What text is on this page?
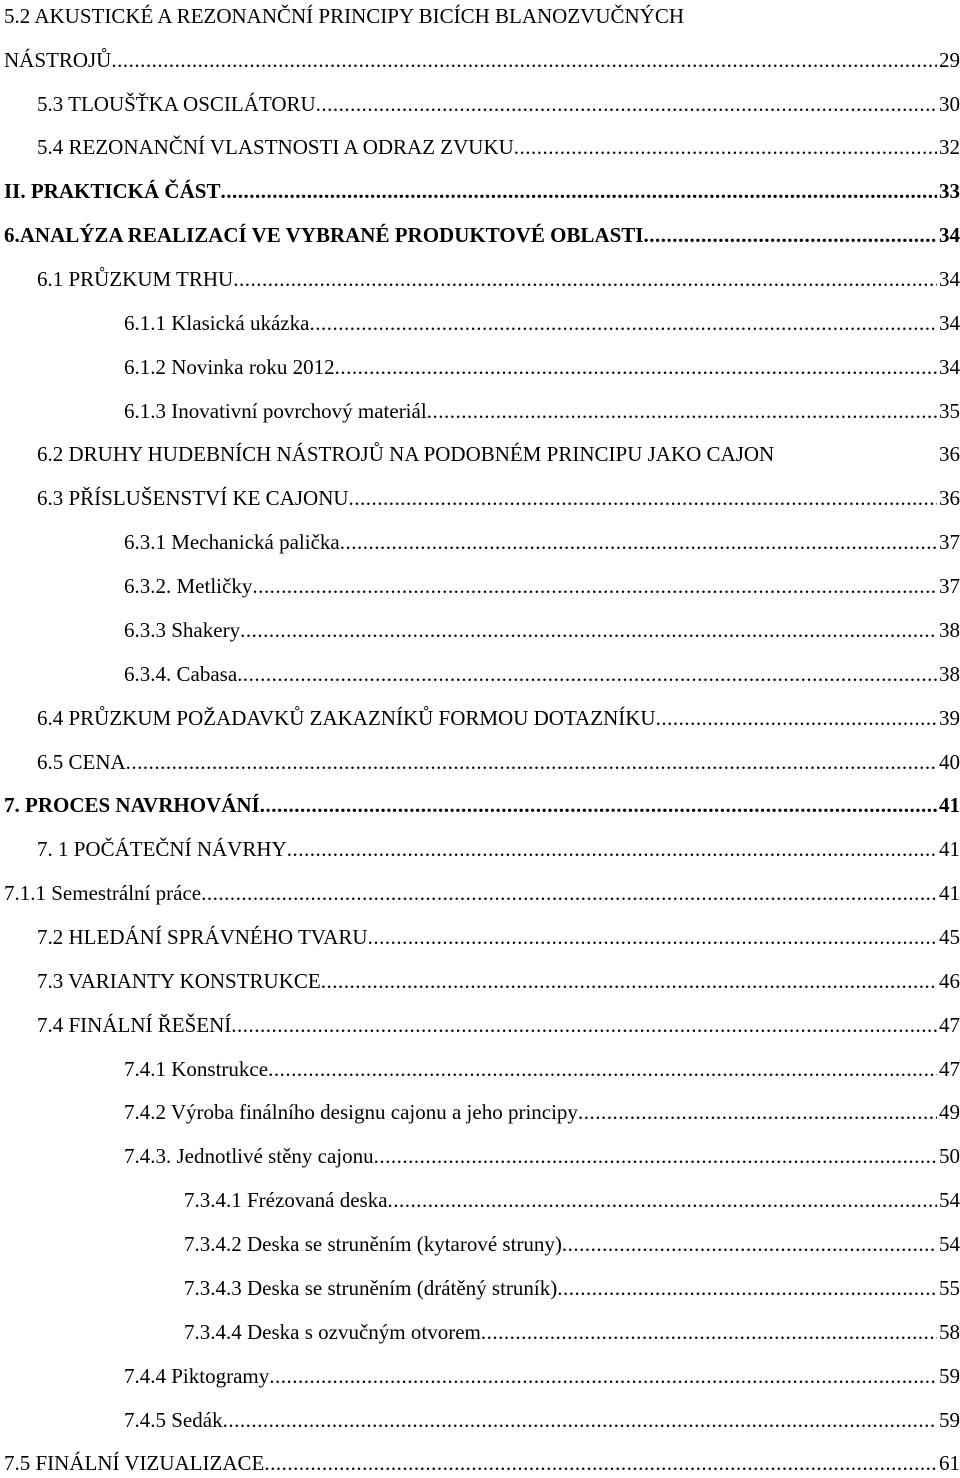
5.2 AKUSTICKÉ A REZONANČNÍ PRINCIPY BICÍCH BLANOZVUČNÝCH
NÁSTROJŮ .....	29
5.3 TLOUŠŤKA OSCILÁTORU .....	30
5.4 REZONANČNÍ VLASTNOSTI A ODRAZ ZVUKU .....	32
II. PRAKTICKÁ ČÁST .....	33
6.ANALÝZA REALIZACÍ VE VYBRANÉ PRODUKTOVÉ OBLASTI .....	34
6.1 PRŮZKUM TRHU .....	34
6.1.1 Klasická ukázka .....	34
6.1.2 Novinka roku 2012 .....	34
6.1.3 Inovativní povrchový materiál .....	35
6.2 DRUHY HUDEBNÍCH NÁSTROJŮ NA PODOBNÉM PRINCIPU JAKO CAJON	36
6.3 PŘÍSLUŠENSTVÍ KE CAJONU .....	36
6.3.1 Mechanická palička .....	37
6.3.2. Metličky .....	37
6.3.3 Shakery .....	38
6.3.4. Cabasa .....	38
6.4 PRŮZKUM POŽADAVKŮ ZAKAZNÍKŮ FORMOU DOTAZNÍKU .....	39
6.5 CENA .....	40
7. PROCES NAVRHOVÁNÍ .....	41
7. 1 POČÁTEČNÍ NÁVRHY .....	41
7.1.1 Semestrální práce .....	41
7.2 HLEDÁNÍ SPRÁVNÉHO TVARU .....	45
7.3 VARIANTY KONSTRUKCE .....	46
7.4 FINÁLNÍ ŘEŠENÍ .....	47
7.4.1 Konstrukce .....	47
7.4.2 Výroba finálního designu cajonu a jeho principy .....	49
7.4.3. Jednotlivé stěny cajonu .....	50
7.3.4.1 Frézovaná deska .....	54
7.3.4.2 Deska se struněním (kytarové struny) .....	54
7.3.4.3 Deska se struněním (drátěný struník) .....	55
7.3.4.4 Deska s ozvučným otvorem .....	58
7.4.4 Piktogramy .....	59
7.4.5 Sedák .....	59
7.5 FINÁLNÍ VIZUALIZACE .....	61
